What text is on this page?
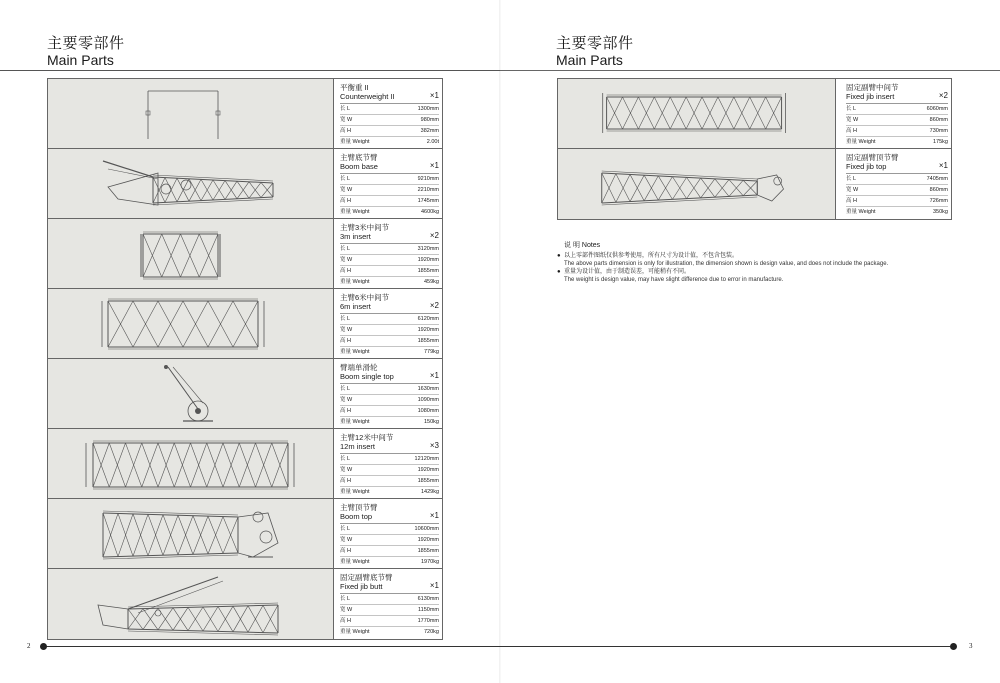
主要零部件
Main Parts
主要零部件
Main Parts
平衡重 II
Counterweight II	×1
长 L	1300mm
宽 W	980mm
高 H	382mm
重量 Weight	2.00t
主臂底节臂
Boom base	×1
长 L	9210mm
宽 W	2210mm
高 H	1745mm
重量 Weight	4600kg
主臂3米中间节
3m insert	×2
长 L	3120mm
宽 W	1920mm
高 H	1855mm
重量 Weight	459kg
主臂6米中间节
6m insert	×2
长 L	6120mm
宽 W	1920mm
高 H	1855mm
重量 Weight	779kg
臂端单滑轮
Boom single top	×1
长 L	1630mm
宽 W	1090mm
高 H	1080mm
重量 Weight	150kg
主臂12米中间节
12m insert	×3
长 L	12120mm
宽 W	1920mm
高 H	1855mm
重量 Weight	1429kg
主臂顶节臂
Boom top	×1
长 L	10600mm
宽 W	1920mm
高 H	1855mm
重量 Weight	1970kg
固定副臂底节臂
Fixed jib butt	×1
长 L	6130mm
宽 W	1150mm
高 H	1770mm
重量 Weight	720kg
固定副臂中间节
Fixed jib insert	×2
长 L	6060mm
宽 W	860mm
高 H	730mm
重量 Weight	175kg
固定副臂顶节臂
Fixed jib top	×1
长 L	7405mm
宽 W	860mm
高 H	726mm
重量 Weight	350kg
说 明 Notes
● 以上零部件图纸仅供参考使用，所有尺寸为设计值，不包含包装。
The above parts dimension is only for illustration, the dimension shown is design value, and does not include the package.
● 重量为设计值，由于制造误差，可能稍有不同。
The weight is design value, may have slight difference due to error in manufacture.
2	3
